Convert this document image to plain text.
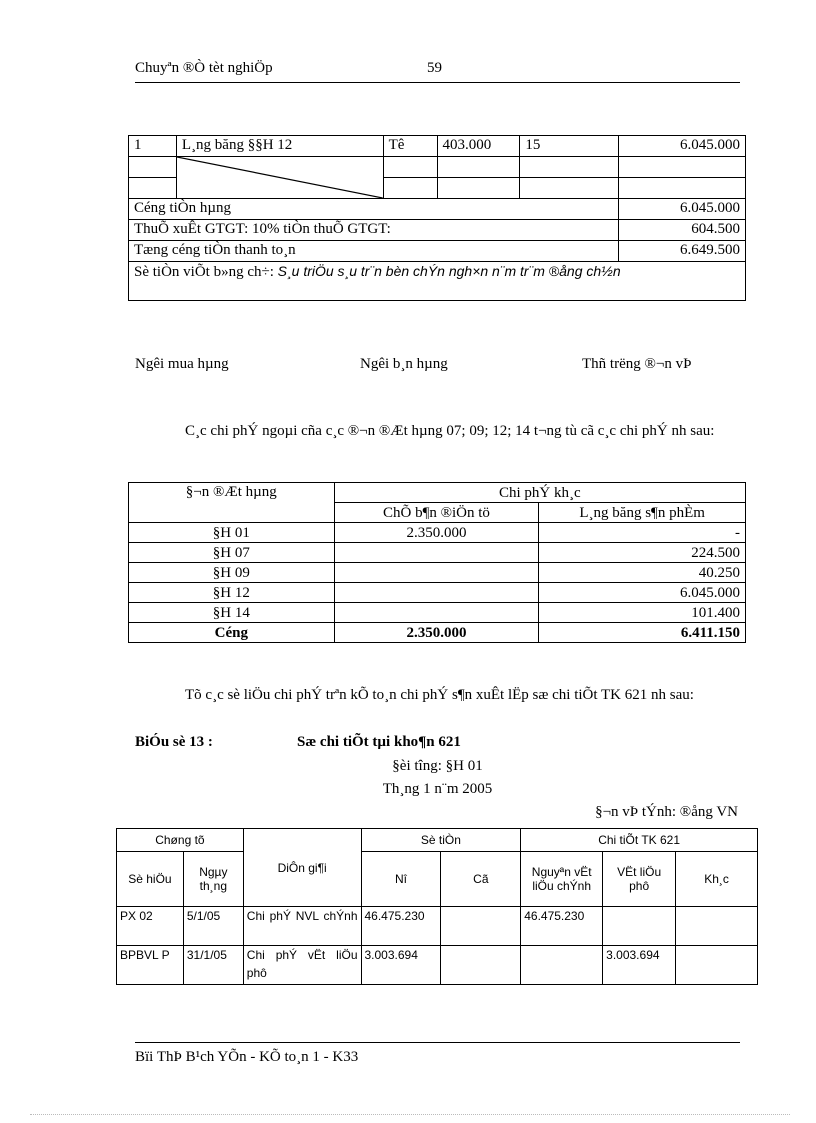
Chuyªn ®Ò tèt nghiÖp	59
1	L¸ng băng §§H 12	Tê	403.000	15	6.045.000

Céng tiÒn hµng					6.045.000
ThuÕ xuÊt GTGT: 10% tiÒn thuÕ GTGT:					604.500
Tæng céng tiÒn thanh to¸n					6.649.500
Sè tiÒn viÕt b»ng ch÷: S¸u triÖu s¸u tr¨n bèn chÝn ngh×n n¨m tr¨m ®ång ch½n					
Ngêi mua hµng	Ngêi b¸n hµng	Thñ trëng ®¬n vÞ
C¸c chi phÝ ngoµi cña c¸c ®¬n ®Æt hµng 07; 09; 12; 14 t¬ng tù cã c¸c chi phÝ nh sau:
§¬n ®Æt hµng	Chi phÝ kh¸c	
	ChÕ b¶n ®iÖn tö	L¸ng băng s¶n phÈm
§H 01	2.350.000	-
§H 07		224.500
§H 09		40.250
§H 12		6.045.000
§H 14		101.400
Céng	2.350.000	6.411.150
Tõ c¸c sè liÖu chi phÝ trªn kÕ to¸n chi phÝ s¶n xuÊt lËp sæ chi tiÕt TK 621 nh sau:
BiÓu sè 13 :	Sæ chi tiÕt tµi kho¶n 621
§èi tîng: §H 01
Th¸ng 1 n¨m 2005
§¬n vÞ tÝnh: ®ång VN
Chøng tõ		DiÔn gi¶i	Sè tiÒn		Chi tiÕt TK 621		
Sè hiÖu	Ngµy th¸ng		Nî	Cã	Nguyªn vËt liÖu chÝnh	VËt liÖu phô	Kh¸c
PX 02	5/1/05	Chi phÝ NVL chÝnh	46.475.230		46.475.230		
BPBVL P	31/1/05	Chi phÝ vËt liÖu phô	3.003.694			3.003.694	
Bïi ThÞ B¹ch YÕn - KÕ to¸n 1 - K33
